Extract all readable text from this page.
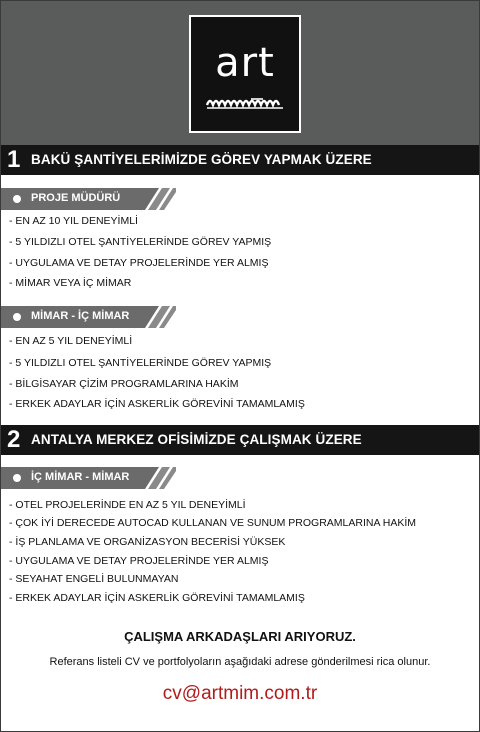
art
1 BAKÜ ŞANTİYELERİMİZDE GÖREV YAPMAK ÜZERE
PROJE MÜDÜRÜ
- EN AZ 10 YIL DENEYİMLİ
- 5 YILDIZLI OTEL ŞANTİYELERİNDE GÖREV YAPMIŞ
- UYGULAMA VE DETAY PROJELERİNDE YER ALMIŞ
- MİMAR VEYA İÇ MİMAR
MİMAR - İÇ MİMAR
- EN AZ 5 YIL DENEYİMLİ
- 5 YILDIZLI OTEL ŞANTİYELERİNDE GÖREV YAPMIŞ
- BİLGİSAYAR ÇİZİM PROGRAMLARINA HAKİM
- ERKEK ADAYLAR İÇİN ASKERLİK GÖREVİNİ TAMAMLAMIŞ
2 ANTALYA MERKEZ OFİSİMİZDE ÇALIŞMAK ÜZERE
İÇ MİMAR - MİMAR
- OTEL PROJELERİNDE EN AZ 5 YIL DENEYİMLİ
- ÇOK İYİ DERECEDE AUTOCAD KULLANAN VE SUNUM PROGRAMLARINA HAKİM
- İŞ PLANLAMA VE ORGANİZASYON BECERİSİ YÜKSEK
- UYGULAMA VE DETAY PROJELERİNDE YER ALMIŞ
- SEYAHAT ENGELİ BULUNMAYAN
- ERKEK ADAYLAR İÇİN ASKERLİK GÖREVİNİ TAMAMLAMIŞ
ÇALIŞMA ARKADAŞLARI ARIYORUZ.
Referans listeli CV ve portfolyoların aşağıdaki adrese gönderilmesi rica olunur.
cv@artmim.com.tr
